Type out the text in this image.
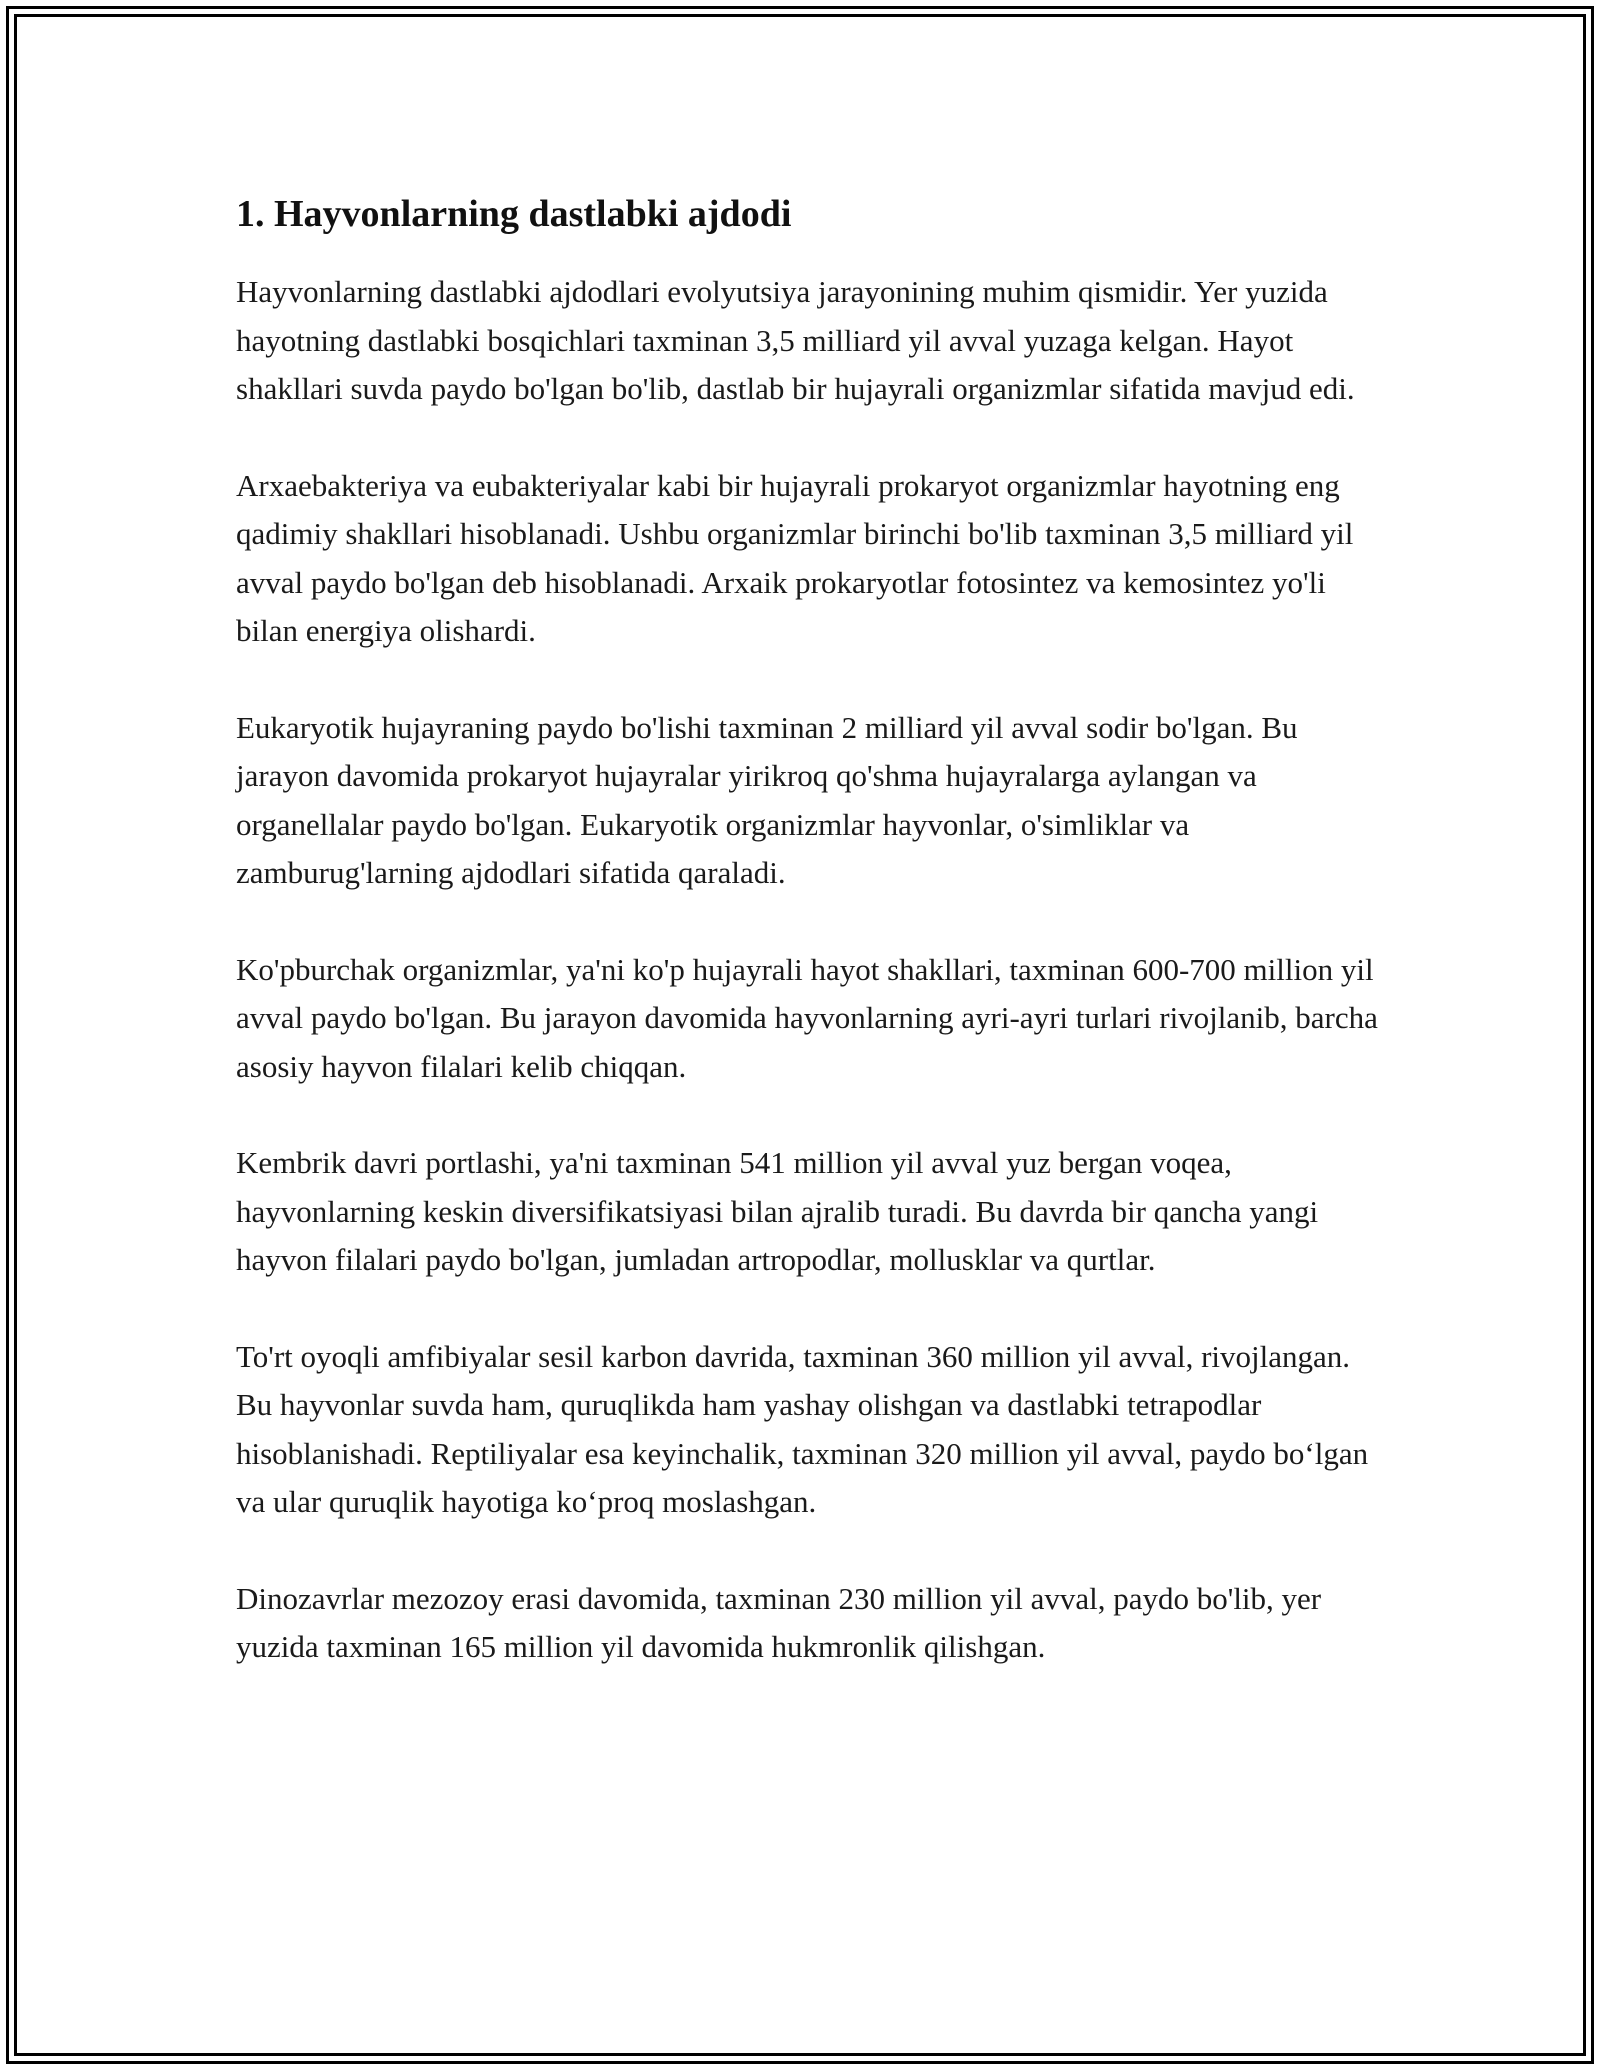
1. Hayvonlarning dastlabki ajdodi

Hayvonlarning dastlabki ajdodlari evolyutsiya jarayonining muhim qismidir. Yer yuzida hayotning dastlabki bosqichlari taxminan 3,5 milliard yil avval yuzaga kelgan. Hayot shakllari suvda paydo bo'lgan bo'lib, dastlab bir hujayrali organizmlar sifatida mavjud edi.

Arxaebakteriya va eubakteriyalar kabi bir hujayrali prokaryot organizmlar hayotning eng qadimiy shakllari hisoblanadi. Ushbu organizmlar birinchi bo'lib taxminan 3,5 milliard yil avval paydo bo'lgan deb hisoblanadi. Arxaik prokaryotlar fotosintez va kemosintez yo'li bilan energiya olishardi.

Eukaryotik hujayraning paydo bo'lishi taxminan 2 milliard yil avval sodir bo'lgan. Bu jarayon davomida prokaryot hujayralar yirikroq qo'shma hujayralarga aylangan va organellalar paydo bo'lgan. Eukaryotik organizmlar hayvonlar, o'simliklar va zamburug'larning ajdodlari sifatida qaraladi.

Ko'pburchak organizmlar, ya'ni ko'p hujayrali hayot shakllari, taxminan 600-700 million yil avval paydo bo'lgan. Bu jarayon davomida hayvonlarning ayri-ayri turlari rivojlanib, barcha asosiy hayvon filalari kelib chiqqan.

Kembrik davri portlashi, ya'ni taxminan 541 million yil avval yuz bergan voqea, hayvonlarning keskin diversifikatsiyasi bilan ajralib turadi. Bu davrda bir qancha yangi hayvon filalari paydo bo'lgan, jumladan artropodlar, mollusklar va qurtlar.

To'rt oyoqli amfibiyalar sesil karbon davrida, taxminan 360 million yil avval, rivojlangan. Bu hayvonlar suvda ham, quruqlikda ham yashay olishgan va dastlabki tetrapodlar hisoblanishadi. Reptiliyalar esa keyinchalik, taxminan 320 million yil avval, paydo bo‘lgan va ular quruqlik hayotiga ko‘proq moslashgan.

Dinozavrlar mezozoy erasi davomida, taxminan 230 million yil avval, paydo bo'lib, yer yuzida taxminan 165 million yil davomida hukmronlik qilishgan.
